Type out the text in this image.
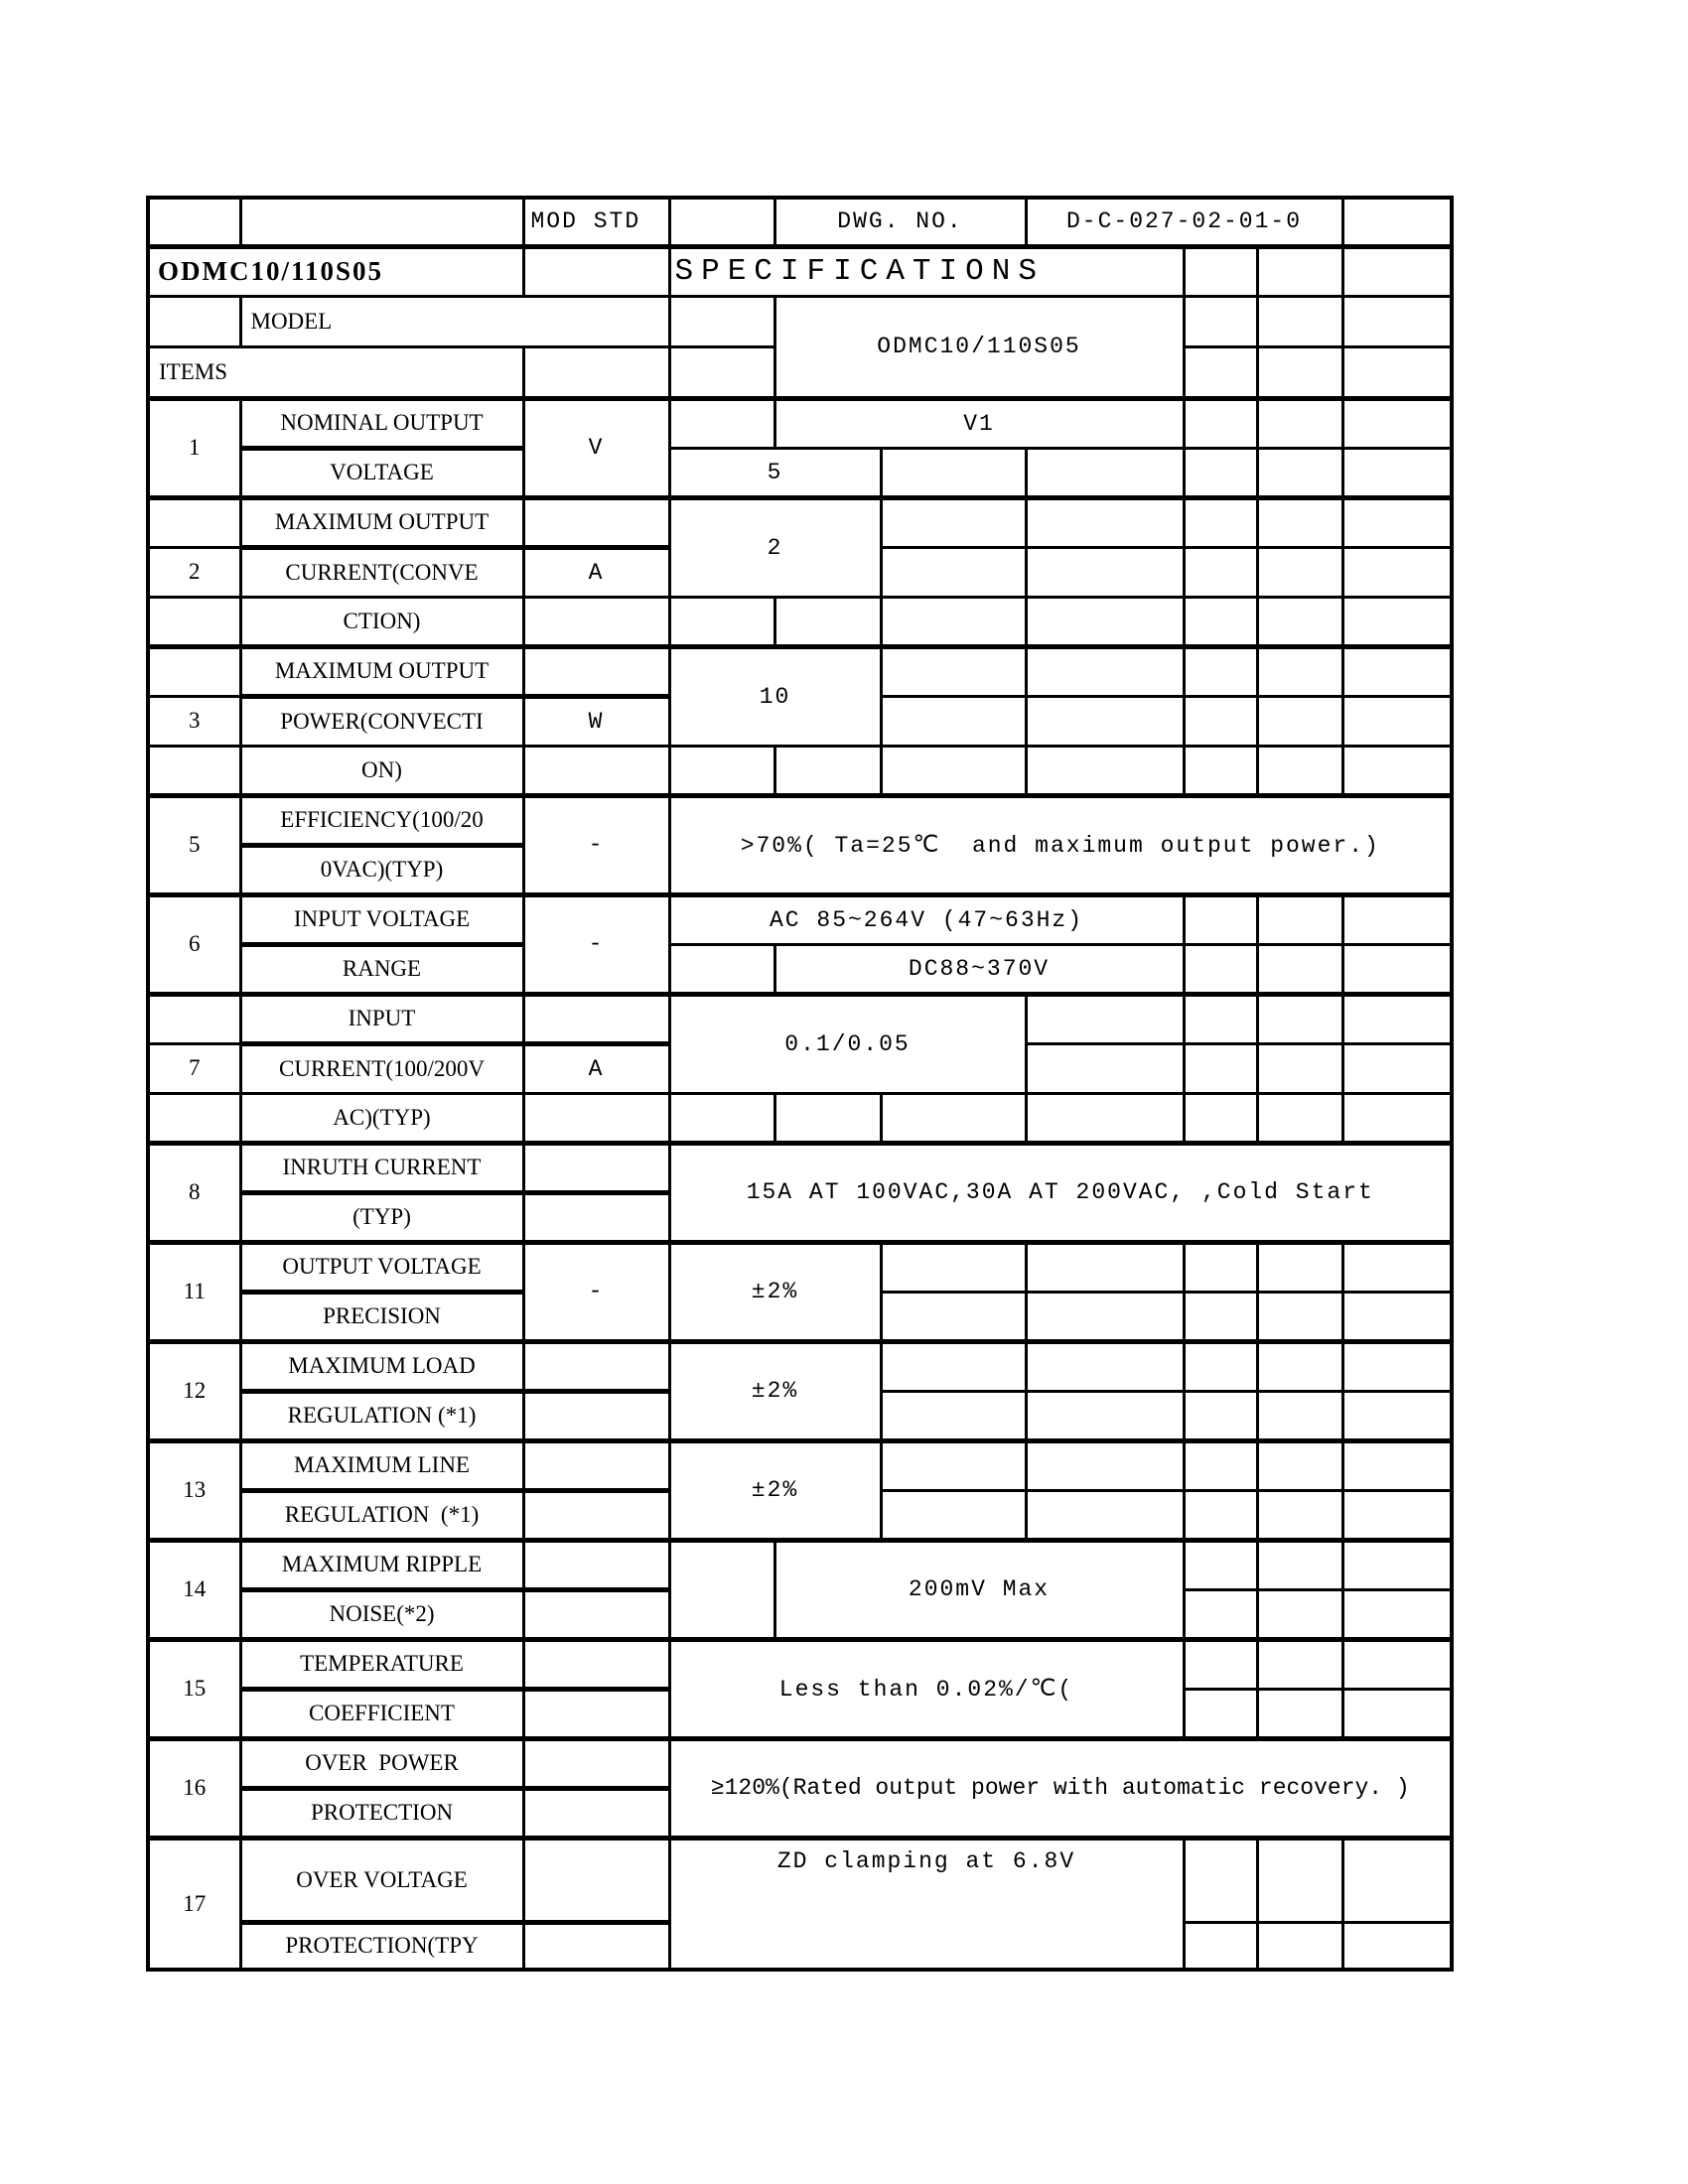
		MOD STD		DWG. NO.		D-C-027-02-01-0			
ODMC10/110S05			SPECIFICATIONS						
	MODEL			ODMC10/110S05					
ITEMS									
1	NOMINAL OUTPUT	V		V1					
	VOLTAGE		5						
	MAXIMUM OUTPUT		2						
2	CURRENT(CONVE	A							
	CTION)								
	MAXIMUM OUTPUT		10						
3	POWER(CONVECTI	W							
	ON)								
5	EFFICIENCY(100/20	-	>70%( Ta=25℃  and maximum output power.)						
	0VAC)(TYP)								
6	INPUT VOLTAGE	-	AC 85~264V (47~63Hz)						
	RANGE			DC88~370V					
	INPUT		0.1/0.05						
7	CURRENT(100/200V	A							
	AC)(TYP)								
8	INRUTH CURRENT		15A AT 100VAC,30A AT 200VAC, ,Cold Start						
	(TYP)								
11	OUTPUT VOLTAGE	-	±2%						
	PRECISION								
12	MAXIMUM LOAD		±2%						
	REGULATION (*1)								
13	MAXIMUM LINE		±2%						
	REGULATION  (*1)								
14	MAXIMUM RIPPLE			200mV Max					
	NOISE(*2)								
15	TEMPERATURE		Less than 0.02%/℃(						
	COEFFICIENT								
16	OVER  POWER		≥120%(Rated output power with automatic recovery. )						
	PROTECTION								
17	OVER VOLTAGE		ZD clamping at 6.8V						
	PROTECTION(TPY								
